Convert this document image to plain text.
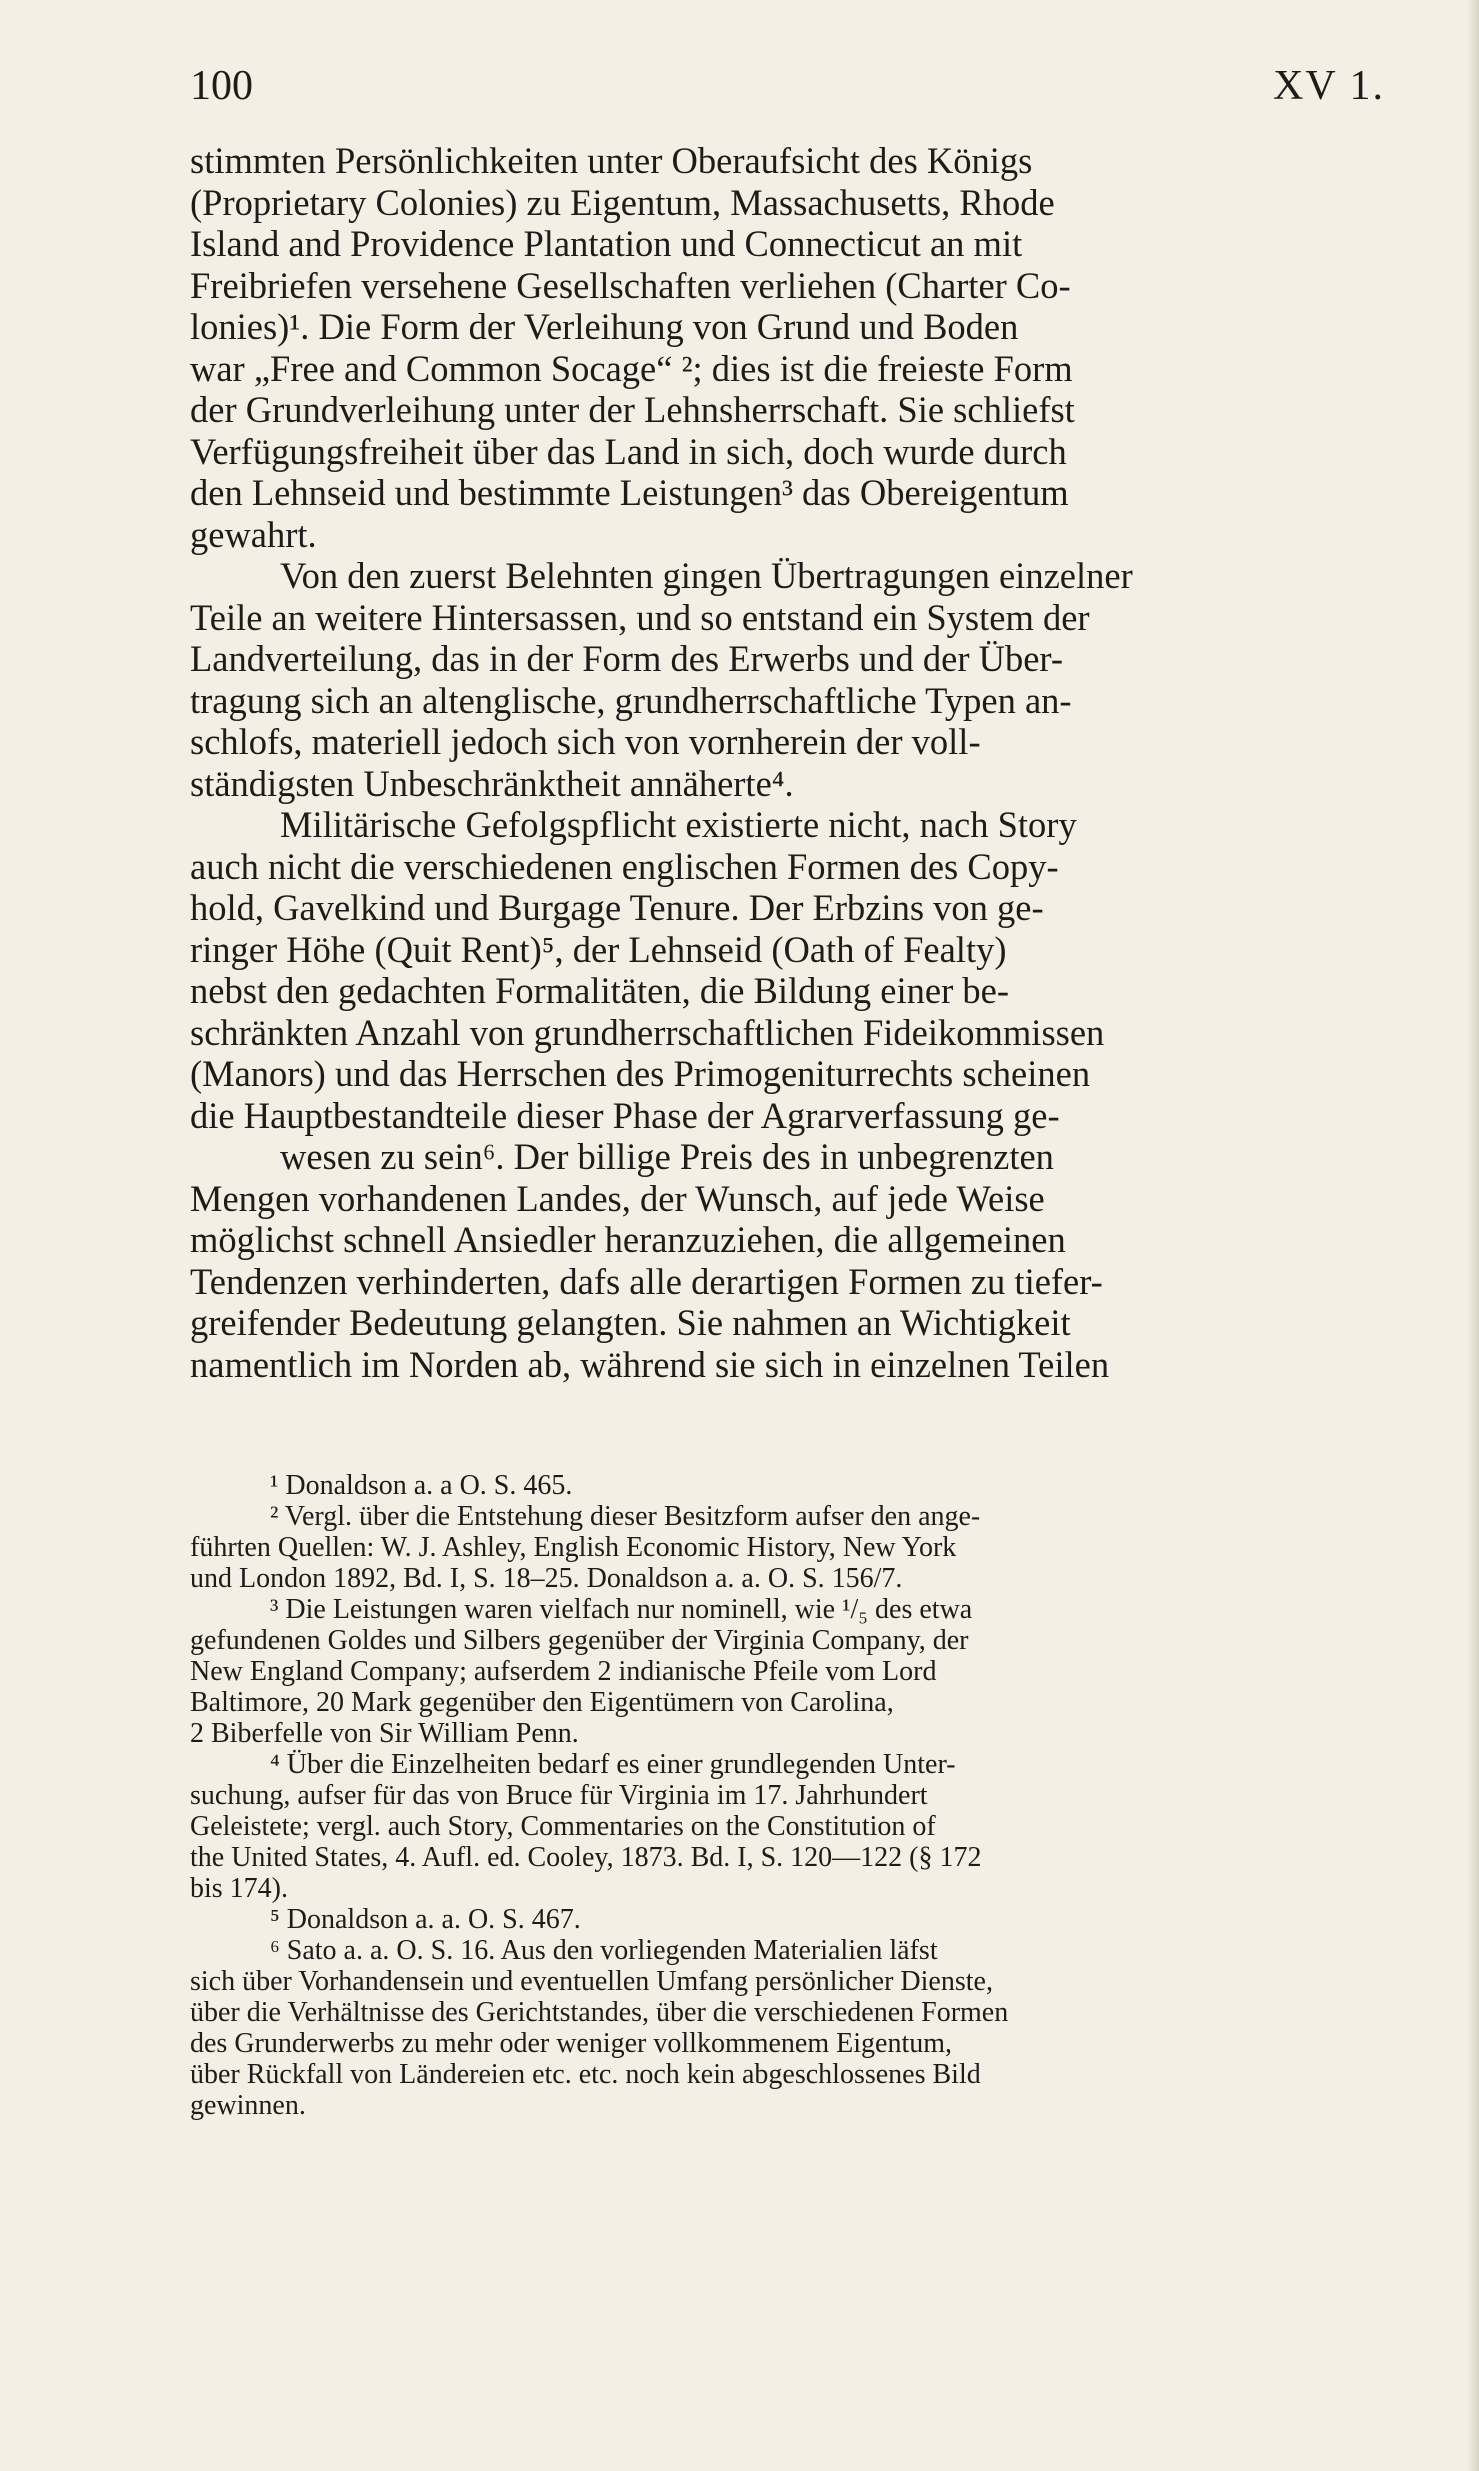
100	XV 1.
stimmten Persönlichkeiten unter Oberaufsicht des Königs
(Proprietary Colonies) zu Eigentum, Massachusetts, Rhode
Island and Providence Plantation und Connecticut an mit
Freibriefen versehene Gesellschaften verliehen (Charter Co-
lonies)¹. Die Form der Verleihung von Grund und Boden
war „Free and Common Socage“ ²; dies ist die freieste Form
der Grundverleihung unter der Lehnsherrschaft. Sie schliefst
Verfügungsfreiheit über das Land in sich, doch wurde durch
den Lehnseid und bestimmte Leistungen³ das Obereigentum
gewahrt.
Von den zuerst Belehnten gingen Übertragungen einzelner
Teile an weitere Hintersassen, und so entstand ein System der
Landverteilung, das in der Form des Erwerbs und der Über-
tragung sich an altenglische, grundherrschaftliche Typen an-
schlofs, materiell jedoch sich von vornherein der voll-
ständigsten Unbeschränktheit annäherte⁴.
Militärische Gefolgspflicht existierte nicht, nach Story
auch nicht die verschiedenen englischen Formen des Copy-
hold, Gavelkind und Burgage Tenure. Der Erbzins von ge-
ringer Höhe (Quit Rent)⁵, der Lehnseid (Oath of Fealty)
nebst den gedachten Formalitäten, die Bildung einer be-
schränkten Anzahl von grundherrschaftlichen Fideikommissen
(Manors) und das Herrschen des Primogeniturrechts scheinen
die Hauptbestandteile dieser Phase der Agrarverfassung ge-
wesen zu sein⁶. Der billige Preis des in unbegrenzten
Mengen vorhandenen Landes, der Wunsch, auf jede Weise
möglichst schnell Ansiedler heranzuziehen, die allgemeinen
Tendenzen verhinderten, dafs alle derartigen Formen zu tiefer-
greifender Bedeutung gelangten. Sie nahmen an Wichtigkeit
namentlich im Norden ab, während sie sich in einzelnen Teilen
¹ Donaldson a. a O. S. 465.
² Vergl. über die Entstehung dieser Besitzform aufser den ange-
führten Quellen: W. J. Ashley, English Economic History, New York
und London 1892, Bd. I, S. 18–25. Donaldson a. a. O. S. 156/7.
³ Die Leistungen waren vielfach nur nominell, wie ¹/₅ des etwa
gefundenen Goldes und Silbers gegenüber der Virginia Company, der
New England Company; aufserdem 2 indianische Pfeile vom Lord
Baltimore, 20 Mark gegenüber den Eigentümern von Carolina,
2 Biberfelle von Sir William Penn.
⁴ Über die Einzelheiten bedarf es einer grundlegenden Unter-
suchung, aufser für das von Bruce für Virginia im 17. Jahrhundert
Geleistete; vergl. auch Story, Commentaries on the Constitution of
the United States, 4. Aufl. ed. Cooley, 1873. Bd. I, S. 120—122 (§ 172
bis 174).
⁵ Donaldson a. a. O. S. 467.
⁶ Sato a. a. O. S. 16. Aus den vorliegenden Materialien läfst
sich über Vorhandensein und eventuellen Umfang persönlicher Dienste,
über die Verhältnisse des Gerichtstandes, über die verschiedenen Formen
des Grunderwerbs zu mehr oder weniger vollkommenem Eigentum,
über Rückfall von Ländereien etc. etc. noch kein abgeschlossenes Bild
gewinnen.
